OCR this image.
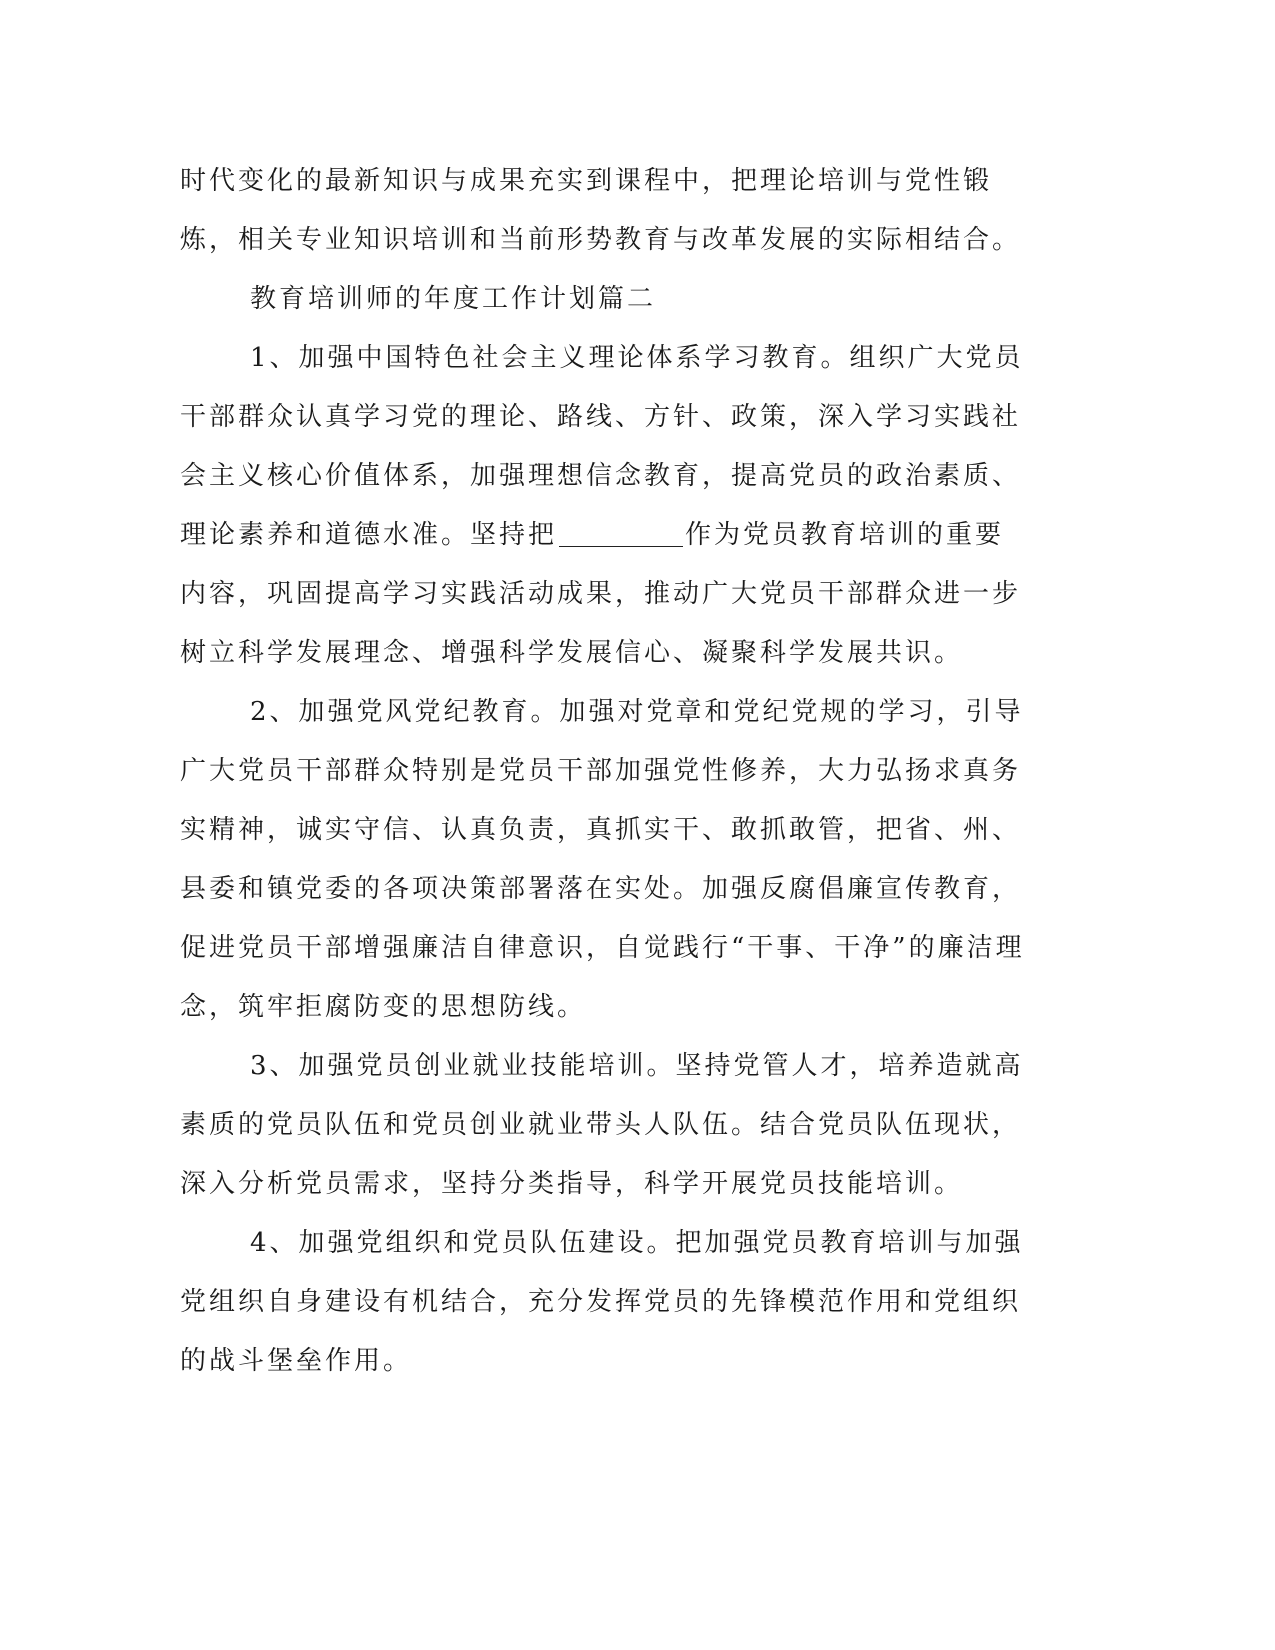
时代变化的最新知识与成果充实到课程中，把理论培训与党性锻炼，相关专业知识培训和当前形势教育与改革发展的实际相结合。

教育培训师的年度工作计划篇二

1、加强中国特色社会主义理论体系学习教育。组织广大党员干部群众认真学习党的理论、路线、方针、政策，深入学习实践社会主义核心价值体系，加强理想信念教育，提高党员的政治素质、理论素养和道德水准。坚持把	作为党员教育培训的重要内容，巩固提高学习实践活动成果，推动广大党员干部群众进一步树立科学发展理念、增强科学发展信心、凝聚科学发展共识。

2、加强党风党纪教育。加强对党章和党纪党规的学习，引导广大党员干部群众特别是党员干部加强党性修养，大力弘扬求真务实精神，诚实守信、认真负责，真抓实干、敢抓敢管，把省、州、县委和镇党委的各项决策部署落在实处。加强反腐倡廉宣传教育，促进党员干部增强廉洁自律意识，自觉践行“干事、干净”的廉洁理念，筑牢拒腐防变的思想防线。

3、加强党员创业就业技能培训。坚持党管人才，培养造就高素质的党员队伍和党员创业就业带头人队伍。结合党员队伍现状，深入分析党员需求，坚持分类指导，科学开展党员技能培训。

4、加强党组织和党员队伍建设。把加强党员教育培训与加强党组织自身建设有机结合，充分发挥党员的先锋模范作用和党组织的战斗堡垒作用。
